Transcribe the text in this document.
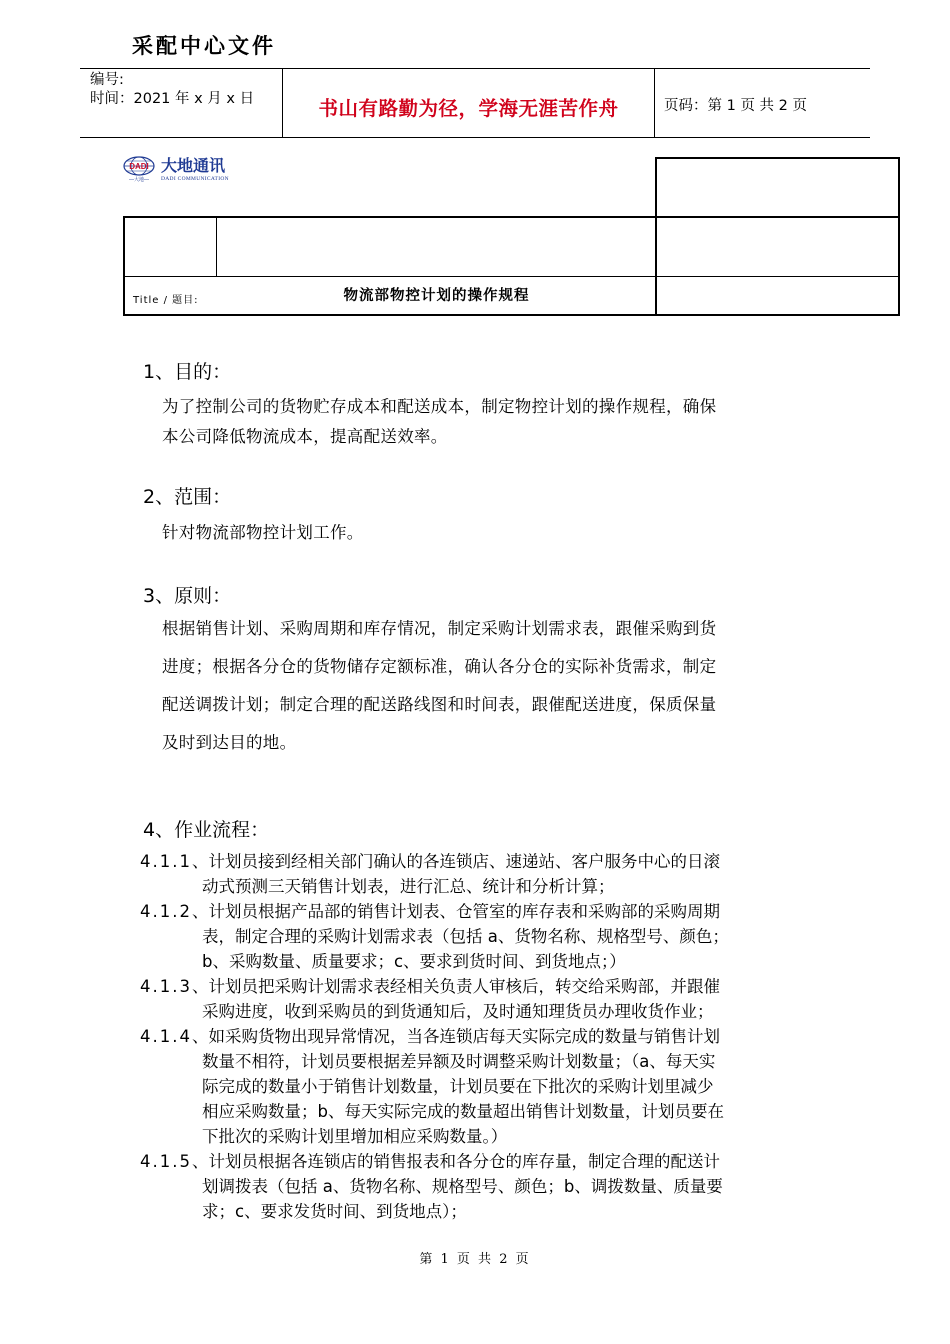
采配中心文件
编号:
时间：2021 年 x 月 x 日	书山有路勤为径，学海无涯苦作舟	页码：第 1 页 共 2 页
DADI
—大地—
大地通讯
DADI COMMUNICATION
Title / 题目:	物流部物控计划的操作规程
1、目的：
为了控制公司的货物贮存成本和配送成本，制定物控计划的操作规程，确保
本公司降低物流成本，提高配送效率。
2、范围：
针对物流部物控计划工作。
3、原则：
根据销售计划、采购周期和库存情况，制定采购计划需求表，跟催采购到货
进度；根据各分仓的货物储存定额标准，确认各分仓的实际补货需求，制定
配送调拨计划；制定合理的配送路线图和时间表，跟催配送进度，保质保量
及时到达目的地。
4、作业流程：
4.1.1、计划员接到经相关部门确认的各连锁店、速递站、客户服务中心的日滚
动式预测三天销售计划表，进行汇总、统计和分析计算；
4.1.2、计划员根据产品部的销售计划表、仓管室的库存表和采购部的采购周期
表，制定合理的采购计划需求表（包括 a、货物名称、规格型号、颜色；
b、采购数量、质量要求；c、要求到货时间、到货地点；）
4.1.3、计划员把采购计划需求表经相关负责人审核后，转交给采购部，并跟催
采购进度，收到采购员的到货通知后，及时通知理货员办理收货作业；
4.1.4、如采购货物出现异常情况，当各连锁店每天实际完成的数量与销售计划
数量不相符，计划员要根据差异额及时调整采购计划数量；（a、每天实
际完成的数量小于销售计划数量，计划员要在下批次的采购计划里减少
相应采购数量；b、每天实际完成的数量超出销售计划数量，计划员要在
下批次的采购计划里增加相应采购数量。）
4.1.5、计划员根据各连锁店的销售报表和各分仓的库存量，制定合理的配送计
划调拨表（包括 a、货物名称、规格型号、颜色；b、调拨数量、质量要
求；c、要求发货时间、到货地点）；
第 1 页 共 2 页
